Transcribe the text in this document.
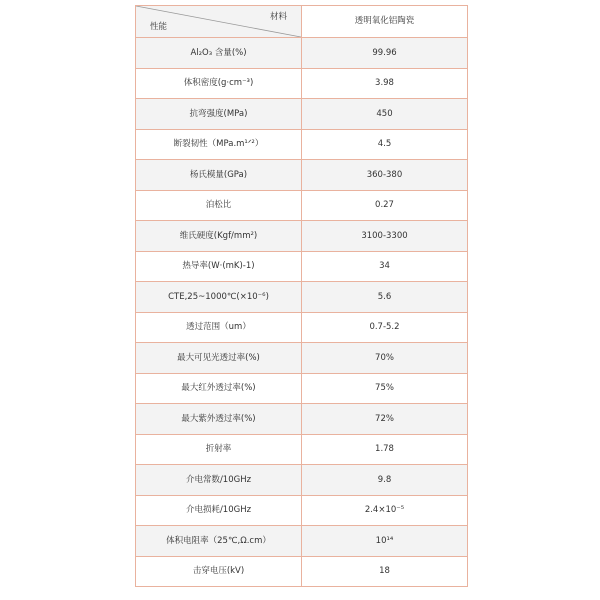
材料
性能	透明氧化铝陶瓷
Al₂O₃ 含量(%)	99.96
体积密度(g·cm⁻³)	3.98
抗弯强度(MPa)	450
断裂韧性（MPa.m¹ᐟ²）	4.5
杨氏模量(GPa)	360-380
泊松比	0.27
维氏硬度(Kgf/mm²)	3100-3300
热导率(W·(mK)-1)	34
CTE,25~1000℃(×10⁻⁶)	5.6
透过范围（um）	0.7-5.2
最大可见光透过率(%)	70%
最大红外透过率(%)	75%
最大紫外透过率(%)	72%
折射率	1.78
介电常数/10GHz	9.8
介电损耗/10GHz	2.4×10⁻⁵
体积电阻率（25℃,Ω.cm）	10¹⁴
击穿电压(kV)	18
